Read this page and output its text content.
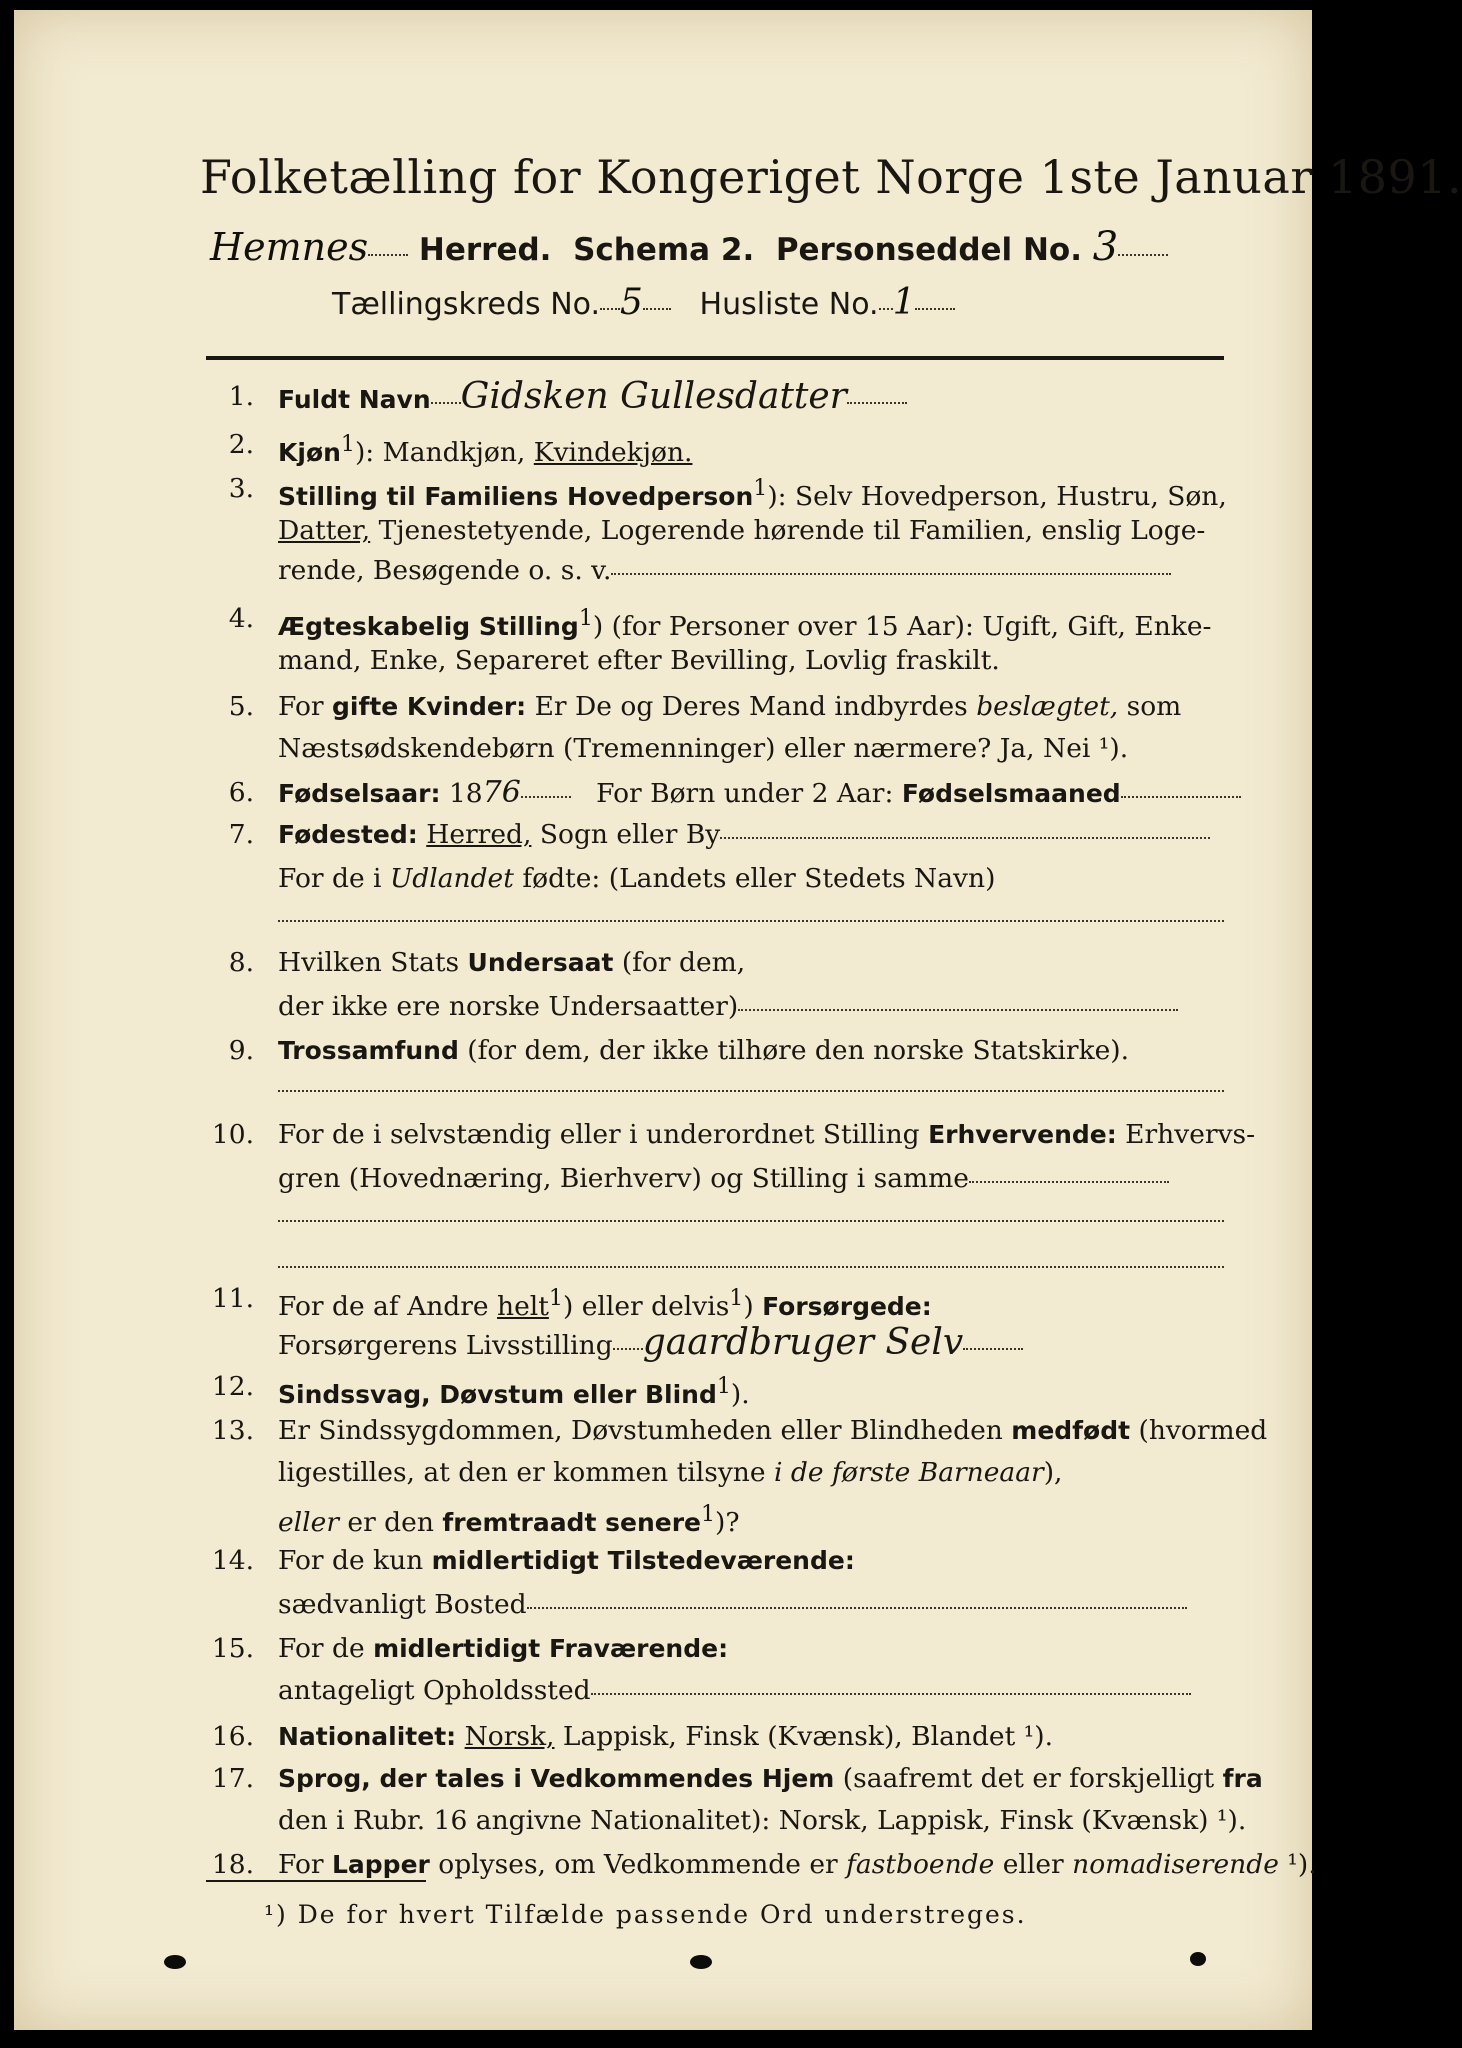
Folketælling for Kongeriget Norge 1ste Januar 1891.
Hemnes Herred. Schema 2. Personseddel No. 3
Tællingskreds No. 5 Husliste No. 1
1. Fuldt Navn Gidsken Gullesdatter
2. Kjøn$^1$): Mandkjøn, Kvindekjøn.
3. Stilling til Familiens Hovedperson$^1$): Selv Hovedperson, Hustru, Søn,
Datter, Tjenestetyende, Logerende hørende til Familien, enslig Loge-
rende, Besøgende o. s. v.
4. Ægteskabelig Stilling$^1$) (for Personer over 15 Aar): Ugift, Gift, Enke-
mand, Enke, Separeret efter Bevilling, Lovlig fraskilt.
5. For gifte Kvinder: Er De og Deres Mand indbyrdes beslægtet, som
Næstsødskendebørn (Tremenninger) eller nærmere? Ja, Nei ¹).
6. Fødselsaar: 1876	For Børn under 2 Aar: Fødselsmaaned
7. Fødested: Herred, Sogn eller By
For de i Udlandet fødte: (Landets eller Stedets Navn)
8. Hvilken Stats Undersaat (for dem,
der ikke ere norske Undersaatter)
9. Trossamfund (for dem, der ikke tilhøre den norske Statskirke).
10. For de i selvstændig eller i underordnet Stilling Erhvervende: Erhvervs-
gren (Hovednæring, Bierhverv) og Stilling i samme
11. For de af Andre helt$^1$) eller delvis$^1$) Forsørgede:
Forsørgerens Livsstilling gaardbruger Selv
12. Sindssvag, Døvstum eller Blind$^1$).
13. Er Sindssygdommen, Døvstumheden eller Blindheden medfødt (hvormed
ligestilles, at den er kommen tilsyne i de første Barneaar),
eller er den fremtraadt senere$^1$)?
14. For de kun midlertidigt Tilstedeværende:
sædvanligt Bosted
15. For de midlertidigt Fraværende:
antageligt Opholdssted
16. Nationalitet: Norsk, Lappisk, Finsk (Kvænsk), Blandet ¹).
17. Sprog, der tales i Vedkommendes Hjem (saafremt det er forskjelligt fra
den i Rubr. 16 angivne Nationalitet): Norsk, Lappisk, Finsk (Kvænsk) ¹).
18. For Lapper oplyses, om Vedkommende er fastboende eller nomadiserende ¹).
¹) De for hvert Tilfælde passende Ord understreges.
